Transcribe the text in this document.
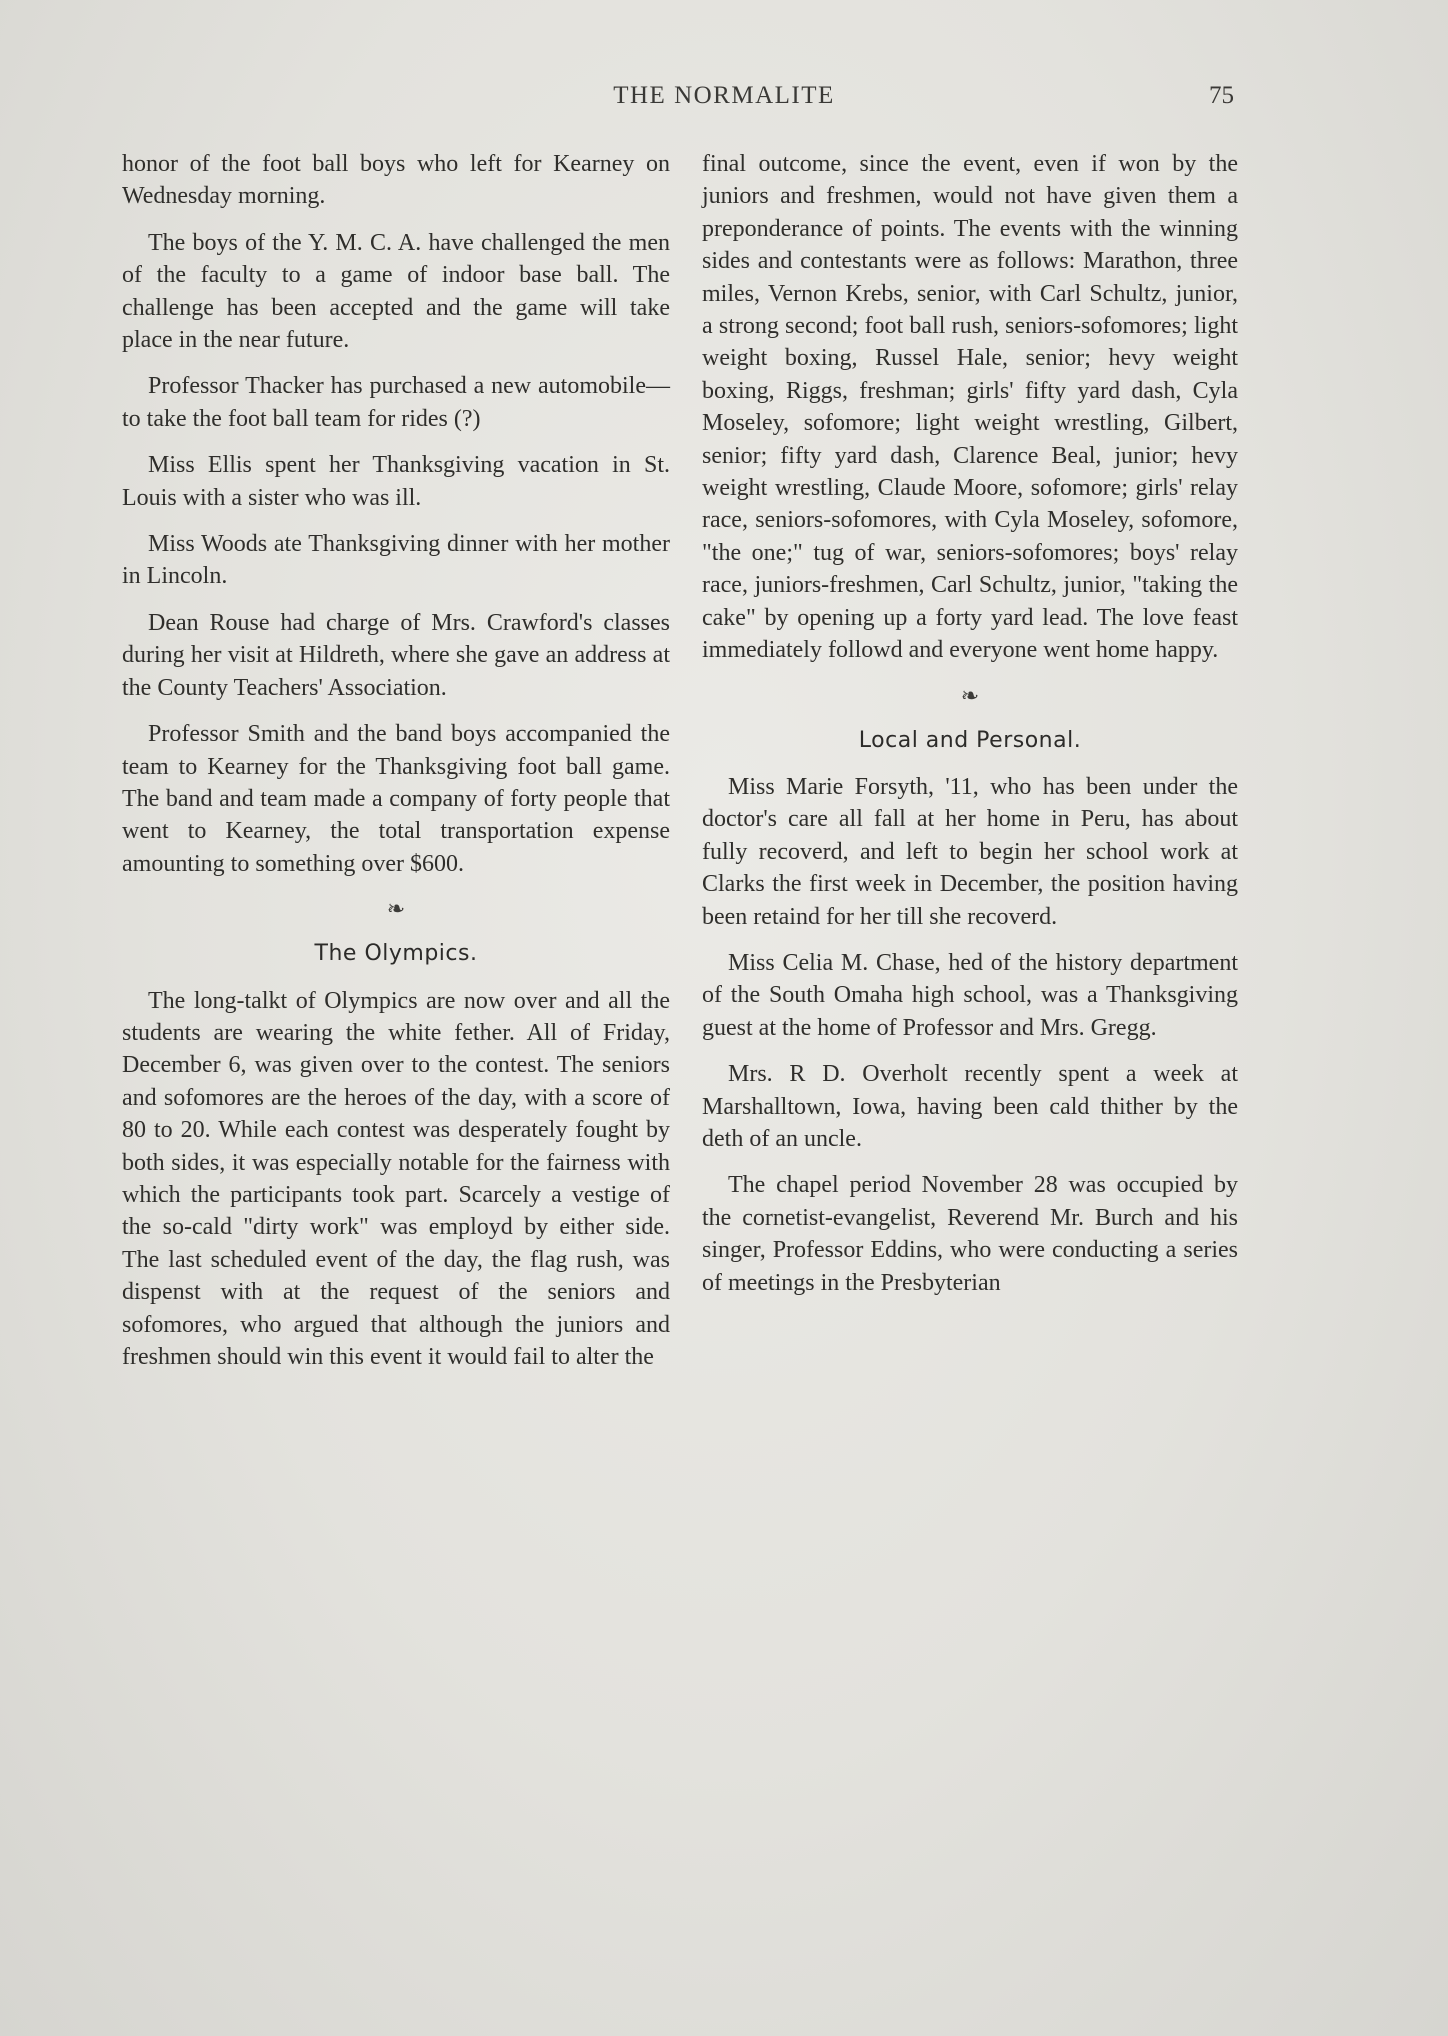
THE NORMALITE	75

honor of the foot ball boys who left for Kearney on Wednesday morning.

The boys of the Y. M. C. A. have challenged the men of the faculty to a game of indoor base ball. The challenge has been accepted and the game will take place in the near future.

Professor Thacker has purchased a new automobile—to take the foot ball team for rides (?)

Miss Ellis spent her Thanksgiving vacation in St. Louis with a sister who was ill.

Miss Woods ate Thanksgiving dinner with her mother in Lincoln.

Dean Rouse had charge of Mrs. Crawford's classes during her visit at Hildreth, where she gave an address at the County Teachers' Association.

Professor Smith and the band boys accompanied the team to Kearney for the Thanksgiving foot ball game. The band and team made a company of forty people that went to Kearney, the total transportation expense amounting to something over $600.

❧
The Olympics.

The long-talkt of Olympics are now over and all the students are wearing the white fether. All of Friday, December 6, was given over to the contest. The seniors and sofomores are the heroes of the day, with a score of 80 to 20. While each contest was desperately fought by both sides, it was especially notable for the fairness with which the participants took part. Scarcely a vestige of the so-cald "dirty work" was employd by either side. The last scheduled event of the day, the flag rush, was dispenst with at the request of the seniors and sofomores, who argued that although the juniors and freshmen should win this event it would fail to alter the

final outcome, since the event, even if won by the juniors and freshmen, would not have given them a preponderance of points. The events with the winning sides and contestants were as follows: Marathon, three miles, Vernon Krebs, senior, with Carl Schultz, junior, a strong second; foot ball rush, seniors-sofomores; light weight boxing, Russel Hale, senior; hevy weight boxing, Riggs, freshman; girls' fifty yard dash, Cyla Moseley, sofomore; light weight wrestling, Gilbert, senior; fifty yard dash, Clarence Beal, junior; hevy weight wrestling, Claude Moore, sofomore; girls' relay race, seniors-sofomores, with Cyla Moseley, sofomore, "the one;" tug of war, seniors-sofomores; boys' relay race, juniors-freshmen, Carl Schultz, junior, "taking the cake" by opening up a forty yard lead. The love feast immediately followd and everyone went home happy.

❧
Local and Personal.

Miss Marie Forsyth, '11, who has been under the doctor's care all fall at her home in Peru, has about fully recoverd, and left to begin her school work at Clarks the first week in December, the position having been retaind for her till she recoverd.

Miss Celia M. Chase, hed of the history department of the South Omaha high school, was a Thanksgiving guest at the home of Professor and Mrs. Gregg.

Mrs. R D. Overholt recently spent a week at Marshalltown, Iowa, having been cald thither by the deth of an uncle.

The chapel period November 28 was occupied by the cornetist-evangelist, Reverend Mr. Burch and his singer, Professor Eddins, who were conducting a series of meetings in the Presbyterian
